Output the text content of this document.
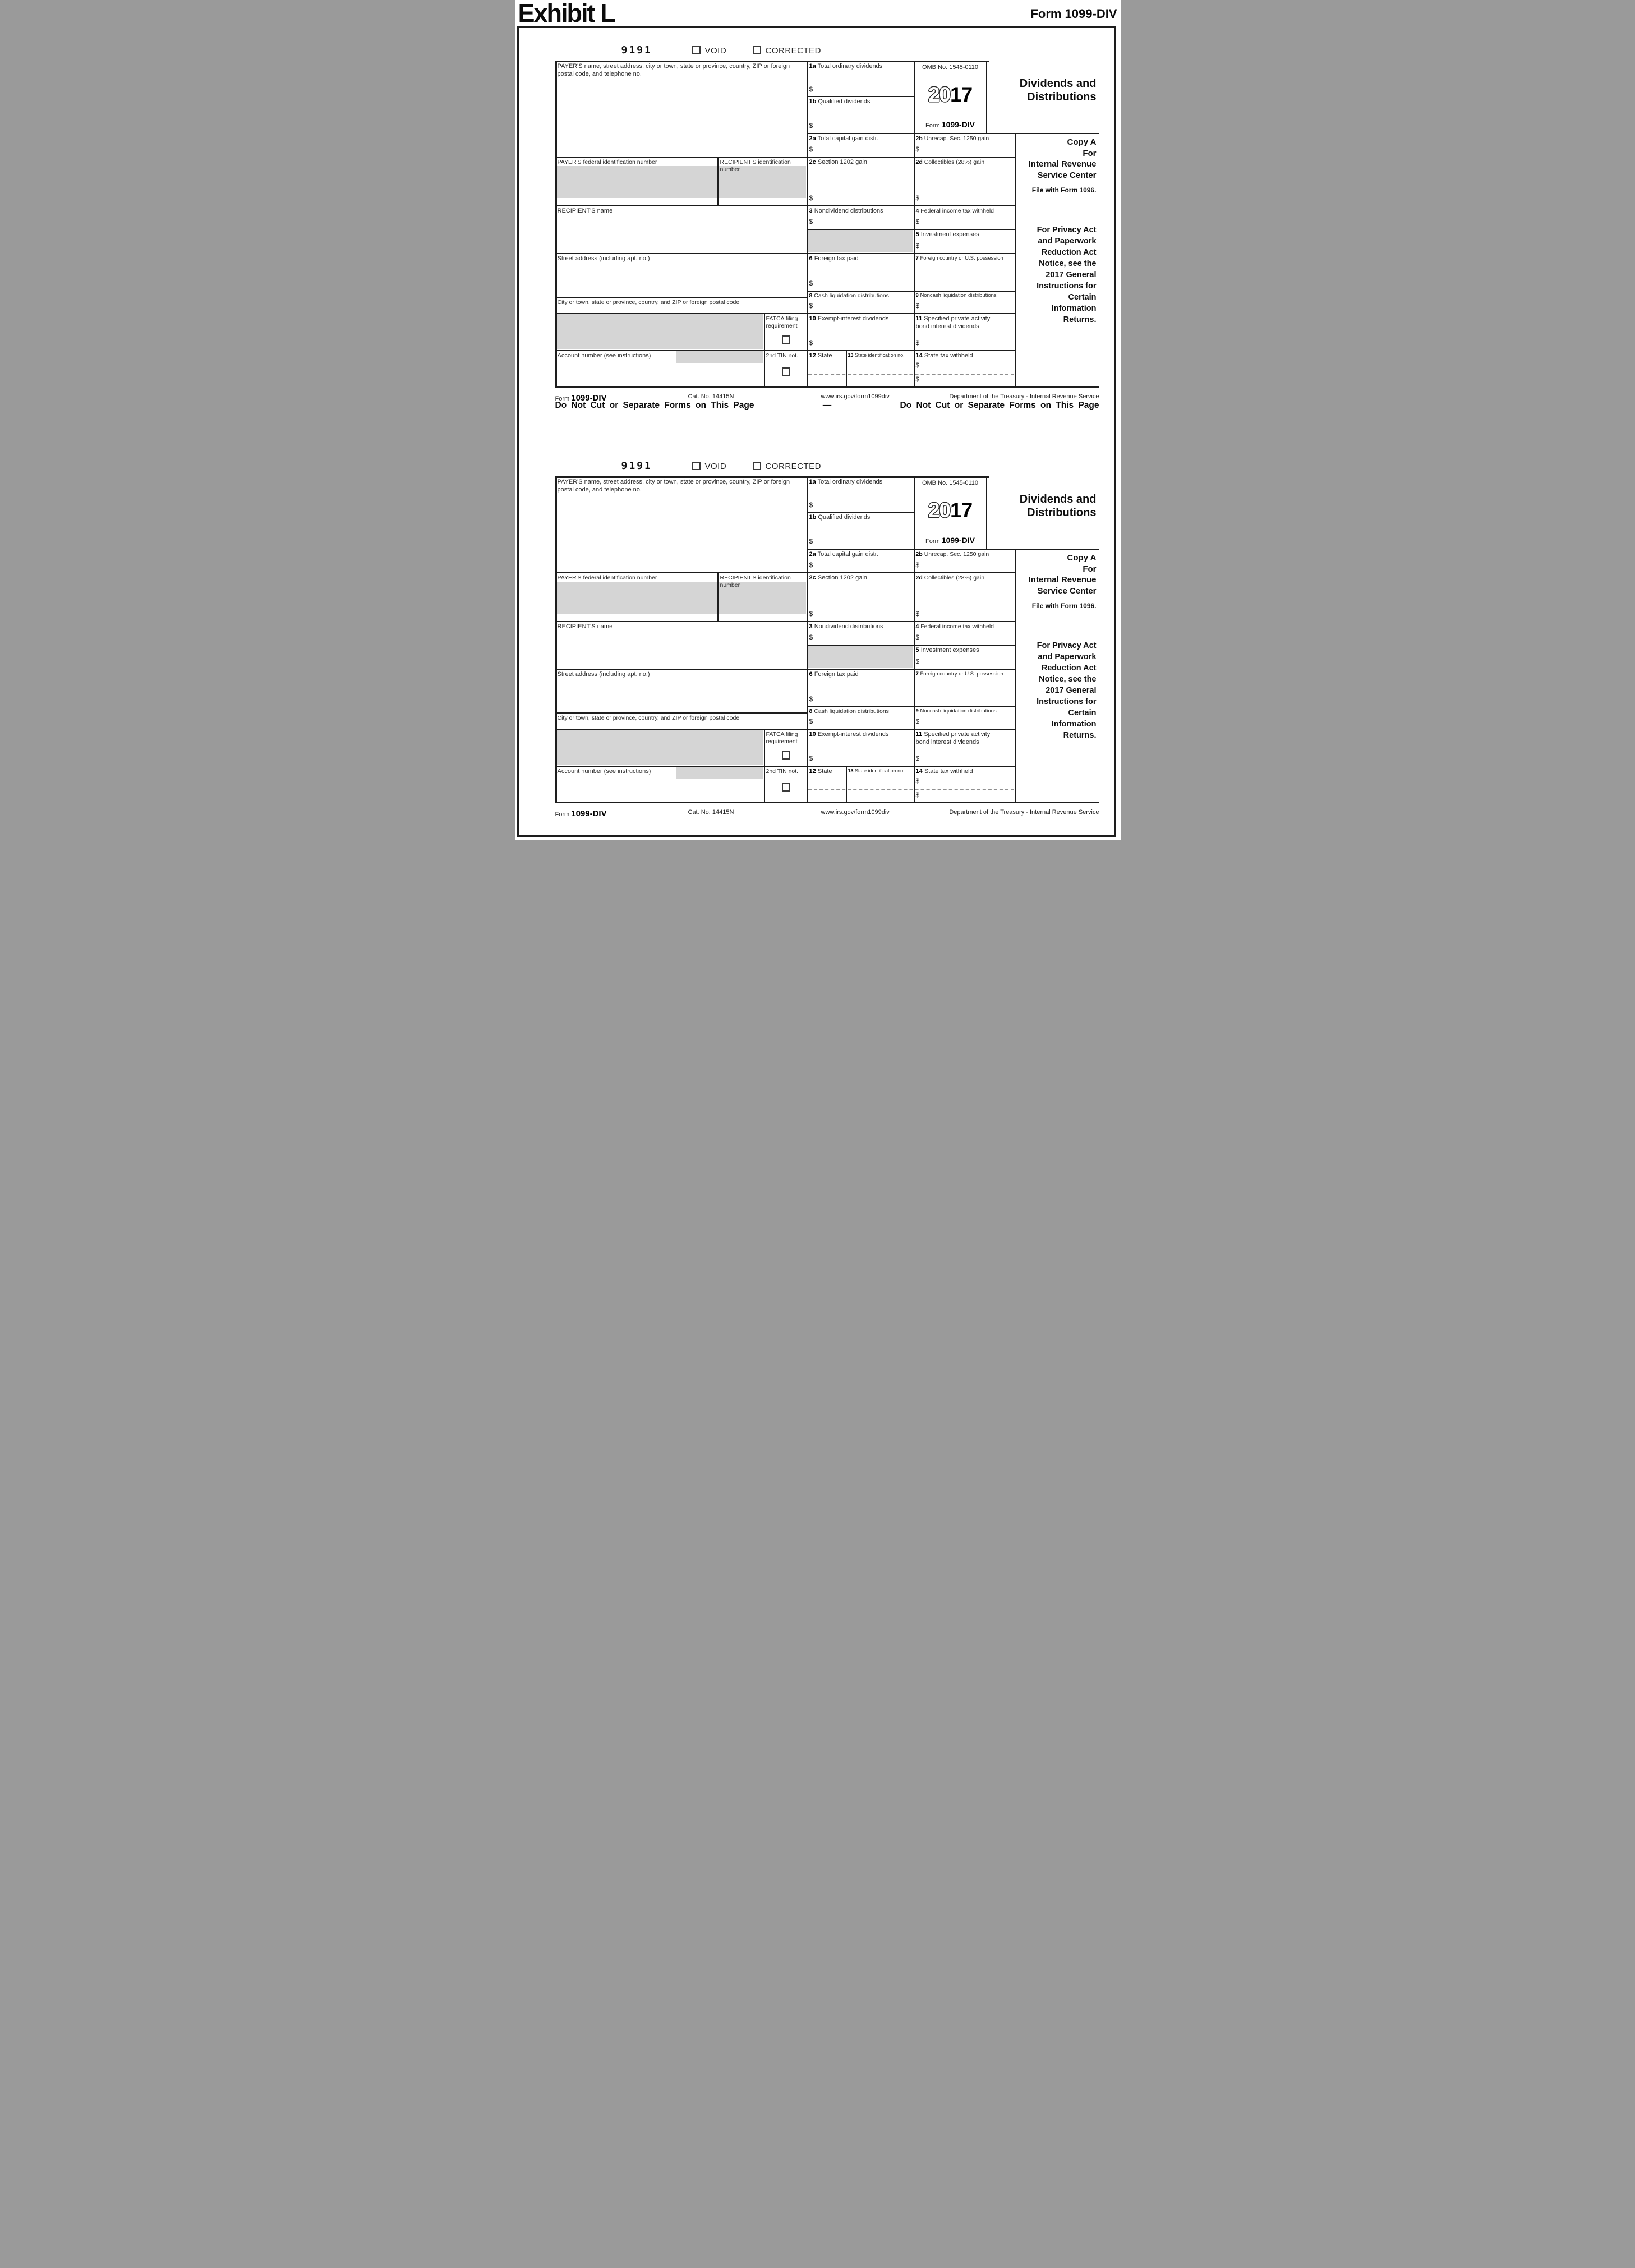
Exhibit L	Form 1099-DIV
9191	VOID	CORRECTED
PAYER'S name, street address, city or town, state or province, country, ZIP or foreign postal code, and telephone no.
PAYER'S federal identification number	RECIPIENT'S identification number
RECIPIENT'S name
Street address (including apt. no.)
City or town, state or province, country, and ZIP or foreign postal code
FATCA filing
requirement
Account number (see instructions)	2nd TIN not.
OMB No. 1545-0110
2017
Form 1099-DIV
Dividends and
Distributions
Copy A
For
Internal Revenue
Service Center
File with Form 1096.
For Privacy Act
and Paperwork
Reduction Act
Notice, see the
2017 General
Instructions for
Certain
Information
Returns.
1a Total ordinary dividends
$
1b Qualified dividends
$
2a Total capital gain distr.
$
2b Unrecap. Sec. 1250 gain
$
2c Section 1202 gain
$
2d Collectibles (28%) gain
$
3 Nondividend distributions
$
4 Federal income tax withheld
$
5 Investment expenses
$
6 Foreign tax paid
$
7 Foreign country or U.S. possession
8 Cash liquidation distributions
$
9 Noncash liquidation distributions
$
10 Exempt-interest dividends
$
11 Specified private activity bond interest dividends
$
12 State	13 State identification no.	14 State tax withheld
$
$
Form 1099-DIV	Cat. No. 14415N	www.irs.gov/form1099div	Department of the Treasury - Internal Revenue Service
Do Not Cut or Separate Forms on This Page	—	Do Not Cut or Separate Forms on This Page
9191	VOID	CORRECTED
PAYER'S name, street address, city or town, state or province, country, ZIP or foreign postal code, and telephone no.
PAYER'S federal identification number	RECIPIENT'S identification number
RECIPIENT'S name
Street address (including apt. no.)
City or town, state or province, country, and ZIP or foreign postal code
FATCA filing
requirement
Account number (see instructions)	2nd TIN not.
OMB No. 1545-0110
2017
Form 1099-DIV
Dividends and
Distributions
Copy A
For
Internal Revenue
Service Center
File with Form 1096.
For Privacy Act
and Paperwork
Reduction Act
Notice, see the
2017 General
Instructions for
Certain
Information
Returns.
1a Total ordinary dividends
$
1b Qualified dividends
$
2a Total capital gain distr.
$
2b Unrecap. Sec. 1250 gain
$
2c Section 1202 gain
$
2d Collectibles (28%) gain
$
3 Nondividend distributions
$
4 Federal income tax withheld
$
5 Investment expenses
$
6 Foreign tax paid
$
7 Foreign country or U.S. possession
8 Cash liquidation distributions
$
9 Noncash liquidation distributions
$
10 Exempt-interest dividends
$
11 Specified private activity bond interest dividends
$
12 State	13 State identification no.	14 State tax withheld
$
$
Form 1099-DIV	Cat. No. 14415N	www.irs.gov/form1099div	Department of the Treasury - Internal Revenue Service
